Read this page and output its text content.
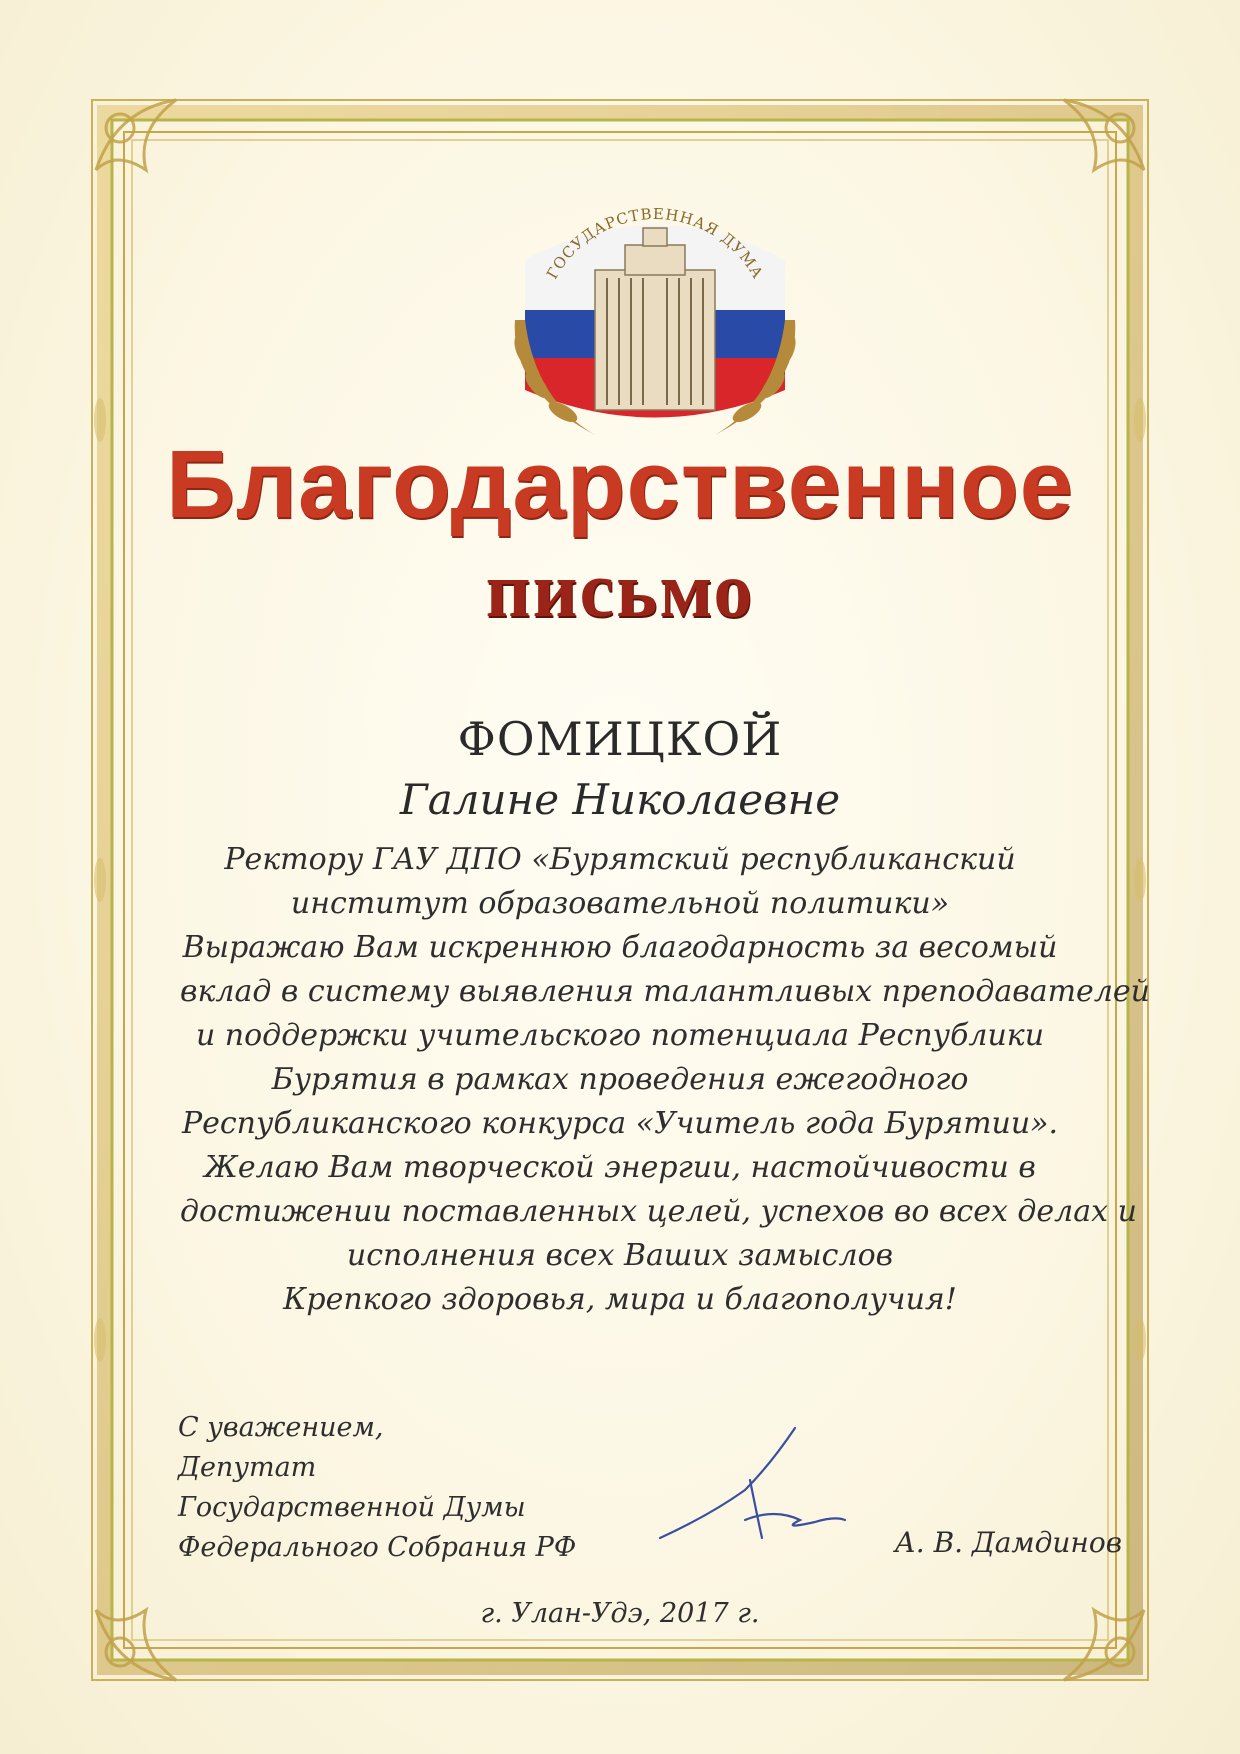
ГОСУДАРСТВЕННАЯ ДУМА
Благодарственное
письмо
ФОМИЦКОЙ
Галине Николаевне
Ректору ГАУ ДПО «Бурятский республиканский
институт образовательной политики»
Выражаю Вам искреннюю благодарность за весомый
вклад в систему выявления талантливых преподавателей
и поддержки учительского потенциала Республики
Бурятия в рамках проведения ежегодного
Республиканского конкурса «Учитель года Бурятии».
Желаю Вам творческой энергии, настойчивости в
достижении поставленных целей, успехов во всех делах и
исполнения всех Ваших замыслов
Крепкого здоровья, мира и благополучия!
С уважением,
Депутат
Государственной Думы
Федерального Собрания РФ	А. В. Дамдинов
г. Улан-Удэ, 2017 г.
